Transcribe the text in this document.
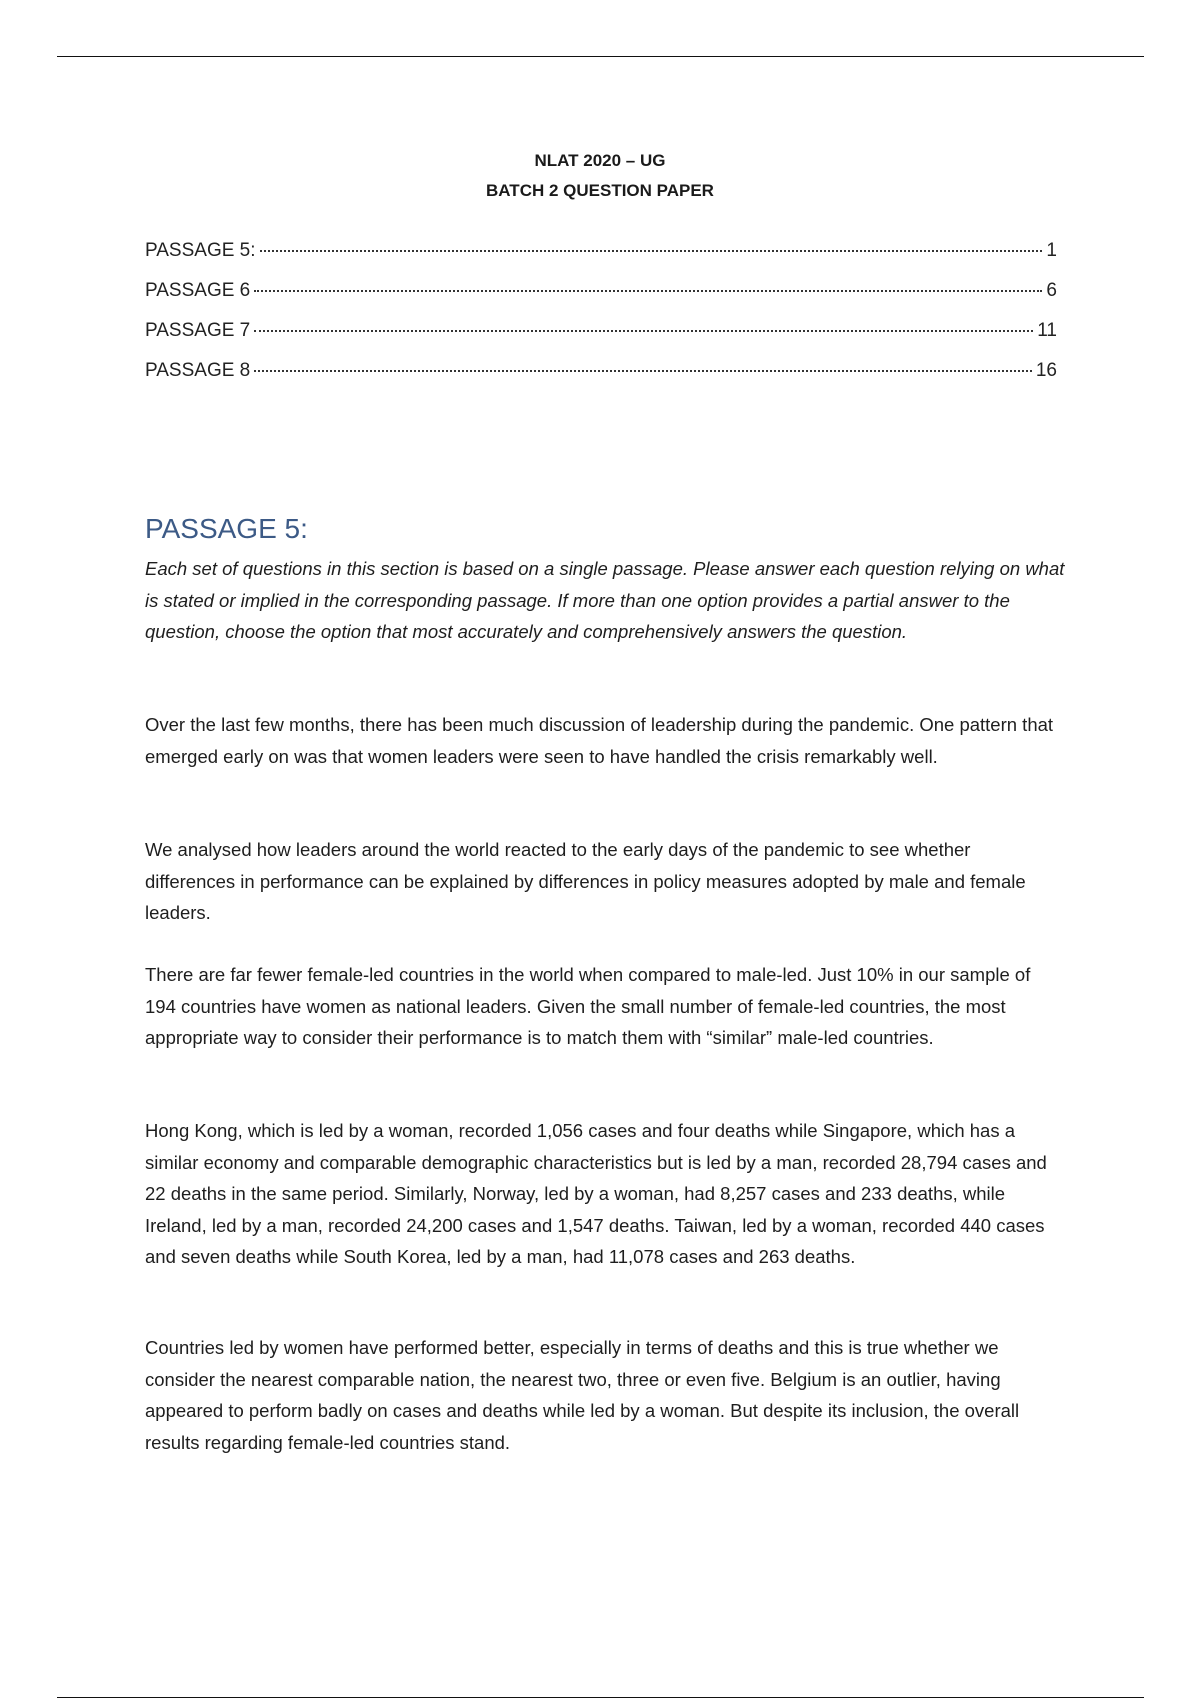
NLAT 2020 – UG
BATCH 2 QUESTION PAPER
PASSAGE 5:	1
PASSAGE 6	6
PASSAGE 7	11
PASSAGE 8	16
PASSAGE 5:

Each set of questions in this section is based on a single passage. Please answer each question relying on what is stated or implied in the corresponding passage. If more than one option provides a partial answer to the question, choose the option that most accurately and comprehensively answers the question.

Over the last few months, there has been much discussion of leadership during the pandemic. One pattern that emerged early on was that women leaders were seen to have handled the crisis remarkably well.

We analysed how leaders around the world reacted to the early days of the pandemic to see whether differences in performance can be explained by differences in policy measures adopted by male and female leaders.

There are far fewer female-led countries in the world when compared to male-led. Just 10% in our sample of 194 countries have women as national leaders. Given the small number of female-led countries, the most appropriate way to consider their performance is to match them with “similar” male-led countries.

Hong Kong, which is led by a woman, recorded 1,056 cases and four deaths while Singapore, which has a similar economy and comparable demographic characteristics but is led by a man, recorded 28,794 cases and 22 deaths in the same period. Similarly, Norway, led by a woman, had 8,257 cases and 233 deaths, while Ireland, led by a man, recorded 24,200 cases and 1,547 deaths. Taiwan, led by a woman, recorded 440 cases and seven deaths while South Korea, led by a man, had 11,078 cases and 263 deaths.

Countries led by women have performed better, especially in terms of deaths and this is true whether we consider the nearest comparable nation, the nearest two, three or even five. Belgium is an outlier, having appeared to perform badly on cases and deaths while led by a woman. But despite its inclusion, the overall results regarding female-led countries stand.
